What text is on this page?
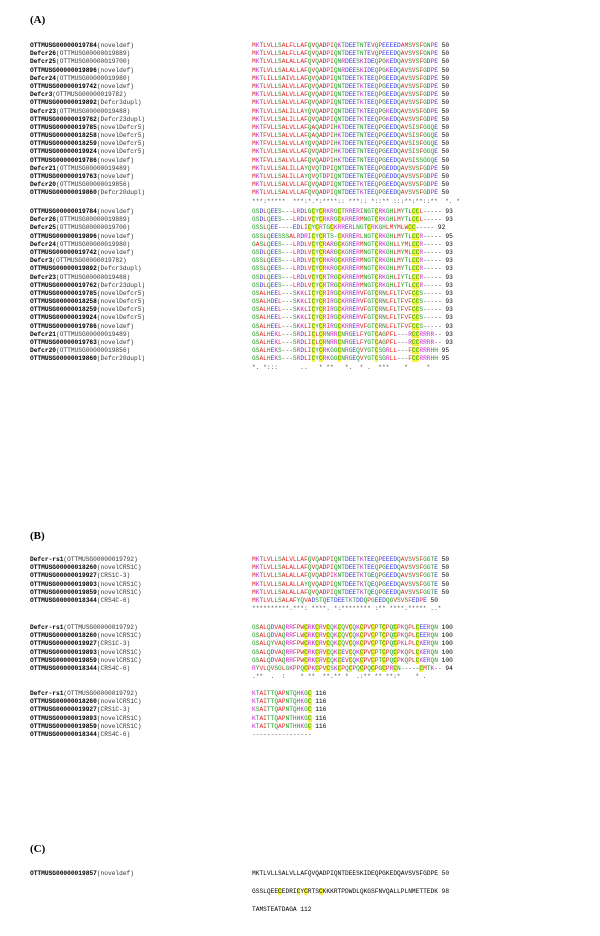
(A)
OTTMUSG00000019784(noveldef)	MKTLVLLSALFLLAFQVQADPIQKTDEETNTEVQPEEEEDAMSVSFGNPE 50
Defcr26(OTTMUSG00000019889)	MKTLVLLSALFLLAFQVQADPIQNTDEETNTEVQPEEEDQAVSVSFGNPE 50
Defcr25(OTTMUSG00000019700)	MKTLVLLSALALLAFQVQADPIQNRDEESKIDEQPGKEDQAVSVSFGDPE 50
OTTMUSG00000019896(noveldef)	MKTLVLLSALALLAFQVQADPIQNRDEESKIDEQPGKEDQAVSVSFGDPE 50
Defcr24(OTTMUSG00000019980)	MKTLILLSAIVLLAFQVQADPIQNTDEETKTEEQPGEEDQAVSVSFGDPE 50
OTTMUSG00000019742(noveldef)	MKTLVLLSALVLLAFQVQADPIQNTDEETKTEEQPGEEDQAVSVSFGDPE 50
Defcr3(OTTMUSG00000019782)	MKTLVLLSALVLLAFQVQADPIQNTDEETKTEEQPGEEDQAVSVSFGDPE 50
OTTMUSG00000019892(Defcr3dupl)	MKTLVLLSALVLLAFQVQADPIQNTDEETKTEEQPGEEDQAVSVSFGDPE 50
Defcr23(OTTMUSG00000019488)	MKTLVLLSALILLAYQVQADPIQNTDEETKTEEQPGKEDQAVSVSFGDPE 50
OTTMUSG00000019762(Defcr23dupl)	MKTLVLLSALILLAFQVQADPIQNTDEETKTEEQPGKEDQAVSVSFGDPE 50
OTTMUSG00000019785(novelDefcr5)	MKTFVLLSALVLLAFQAQADPIHKTDEETNTEEQPGEEDQAVSISFGGQE 50
OTTMUSG00000018258(novelDefcr5)	MKTFVLLSALVLLAFQAQADPIHKTDEETNTEEQPGEEDQAVSISFGGQE 50
OTTMUSG00000018259(novelDefcr5)	MKTFVLLSALVLLAYQVQADPIHKTDEETNTEEQPGEEDQAVSISFGGQE 50
OTTMUSG00000019924(novelDefcr5)	MKTLVLLSALVLLAFQVQADPIHKTDEETNTEEQPGEEDQAVSISFGGQE 50
OTTMUSG00000019786(noveldef)	MKTFVLLSALVLLAFQVQADPIHKTDEETNTEEQPGEEDQAVSISSGGQE 50
Defcr21(OTTMUSG00000019489)	MKTLVLLSALILLAYQVQTDPIQNTDEETNTEEQPGEDDQAVSVSFGDPE 50
OTTMUSG00000019763(noveldef)	MKTLVLLSALILLAYQVQTDPIQNTDEETNTEEQPGEDDQAVSVSFGDPE 50
Defcr20(OTTMUSG00000019856)	MKTLVLLSALVLLAFQVQADPIQNTDEETKTEEQPGEEDQAVSVSFGDPE 50
OTTMUSG00000019860(Defcr20dupl)	MKTLVLLSALVLLAFQVQADPIQNTDEETKTEEQPGEEDQAVSVSFGDPE 50
***:*****  ***:*.*:****:: ***:: *::** :::**:**::**  *. *
OTTMUSG00000019784(noveldef)	GSDLQEES---LRDLGCYCRKRGCTRRERINGTCRKGHLMYTLCCL----- 93
Defcr26(OTTMUSG00000019889)	GSDLQEES---LRDLVCYCRKRGCKRRERMNGTCRKGHLMYTLCCL----- 93
Defcr25(OTTMUSG00000019700)	GSSLQEE----EDLICYCRTGCKRRERLNGTCRKGHLMYMLWCC----- 92
OTTMUSG00000019896(noveldef)	GSSLQEESSSALRDRICYCRTS-CKRRERLNGTCRKGHLMYTLCCR----- 95
Defcr24(OTTMUSG00000019980)	GASLQEES---LRDLVCYCRARGCKGRERMNGTCRKGHLLYMLCCR----- 93
OTTMUSG00000019742(noveldef)	GSDLQEES---LRDLVCYCRARGCKGRERMNGTCRKGHLMYMLCCR----- 93
Defcr3(OTTMUSG00000019782)	GSSLQEES---LRDLVCYCRKRGCKRRERMNGTCRKGHLMYTLCCR----- 93
OTTMUSG00000019892(Defcr3dupl)	GSSLQEES---LRDLVCYCRKRGCKRRERMNGTCRKGHLMYTLCCR----- 93
Defcr23(OTTMUSG00000019488)	GSDLQEES---LRDLVCYCRTRGCKRRERMNGTCRKGHLIYTLCCR----- 93
OTTMUSG00000019762(Defcr23dupl)	GSDLQEES---LRDLVCYCRTRGCKRRERMNGTCRKGHLIYTLCCR----- 93
OTTMUSG00000019785(novelDefcr5)	GSALHEEL---SKKLICYCRIRGCKRRERVFGTCRNLFLTFVFCCS----- 93
OTTMUSG00000018258(novelDefcr5)	GSALHDEL---SKKLICYCRIRGCKRRERVFGTCRNLFLTFVFCCS----- 93
OTTMUSG00000018259(novelDefcr5)	GSALHEEL---SKKLICYCRIRGCKRRERVFGTCRNLFLTFVFCCS----- 93
OTTMUSG00000019924(novelDefcr5)	GSALHEEL---SKKLICYCRIRGCKRRERVFGTCRNLFLTFVFCCS----- 93
OTTMUSG00000019786(noveldef)	GSALHEEL---SKKLICYCRIRGCKRRERVFGTCRNLFLTFVFCCS----- 93
Defcr21(OTTMUSG00000019489)	GSALHEKL---SRDLICLCRNRRCNRGELFYGTCAGPFL---RCCRRRR-- 93
OTTMUSG00000019763(noveldef)	GSALHEKL---SRDLICLCRNRRCNRGELFYGTCAGPFL---RCCRRRR-- 93
Defcr20(OTTMUSG00000019856)	GSALHEKS---SRDLICYCRKGGCNRGEQVYGTCSGRLL---FCCRRRHH 95
OTTMUSG00000019860(Defcr20dupl)	GSALHEKS---SRDLICYCRKGGCNRGEQVYGTCSGRLL---FCCRRRHH 95
*. *:::      ..   * **   *.  * .  ***    *     *
(B)
Defcr-rs1(OTTMUSG00000019792)	MKTLVLLSALVLLAFQVQADPIQNTDEETKTEEQPEEEDQAVSVSFGGTE 50
OTTMUSG00000018260(novelCRS1C)	MKTLVLLSALALLAFQVQADPIQNTDEETKTEEQPGEEDQAVSVSFGGTE 50
OTTMUSG00000019927(CRS1C-3)	MKTLVLLSALALLAFQVQADPIKNTDEETKTGEQPGEEDQAVSVSFGGTE 50
OTTMUSG00000019893(novelCRS1C)	MKTLVLLSALALLAYQVQADPIQNTDEETKTQEQPGEEDQAVSVSFGGTE 50
OTTMUSG00000019859(novelCRS1C)	MKTLVLLSALALLAFQVQADPIQNTDEETKTQEQPGEEDQAVSVSFGGTE 50
OTTMUSG00000018344(CRS4C-6)	MKTLVLLSALAFYQVADSTQETDEETKTDDQPGEEDQGVSVSFEDPE 50
**********.***: ****. *:******** :** ****.***** ..*
Defcr-rs1(OTTMUSG00000019792)	GSALQDVAQRRFPWCRKCRVCQKCQVCQKCPVCPTCPQCPKQPLCEERQN 100
OTTMUSG00000018260(novelCRS1C)	GSALQDVAQRRFLWCRKCRVCQKCQVCQKCPVCPTCPQCPKQPLCEERQN 100
OTTMUSG00000019927(CRS1C-3)	GSALQYVAQRRFPWCRKCRVCQKCQVCQKCPVCPTCPQCPKLPLCKERQN 100
OTTMUSG00000019893(novelCRS1C)	GSALQDVAQRRFPWCRKCRVCQKCEVCQKCPVCPTCPQCPKQPLCKERQN 100
OTTMUSG00000019859(novelCRS1C)	GSALQDVAQRRFPWCRKCRVCQKCEVCQKCPVCPTCPQCPKQPLCKERQN 100
OTTMUSG00000018344(CRS4C-6)	RYVLQVSGLGKPPQCPKCPVCSKCPQCPQCPQCPGCPRCN-----CMTK-- 94
.**  .  :    * **  **.** *  .:** ** **:*    * .
Defcr-rs1(OTTMUSG00000019792)	KTAITTQAPNTQHKGC 116
OTTMUSG00000018260(novelCRS1C)	KTAITTQAPNTQHKGC 116
OTTMUSG00000019927(CRS1C-3)	KSAITTQAPNTQHKGC 116
OTTMUSG00000019893(novelCRS1C)	KTAITTQAPNTHHKGC 116
OTTMUSG00000019859(novelCRS1C)	KTAITTQAPNTHHKGC 116
OTTMUSG00000018344(CRS4C-6)	----------------
(C)
OTTMUSG00000019857(noveldef)	MKTLVLLSALVLLAFQVQADPIQNTDEESKIDEQPGKEDQAVSVSFGDPE 50
GSSLQEECEDRICYCRTSCKKKRTPDWDLQKGSFNVQALLPLNMETTEDK 98
TAMSTEATDAGA 112
